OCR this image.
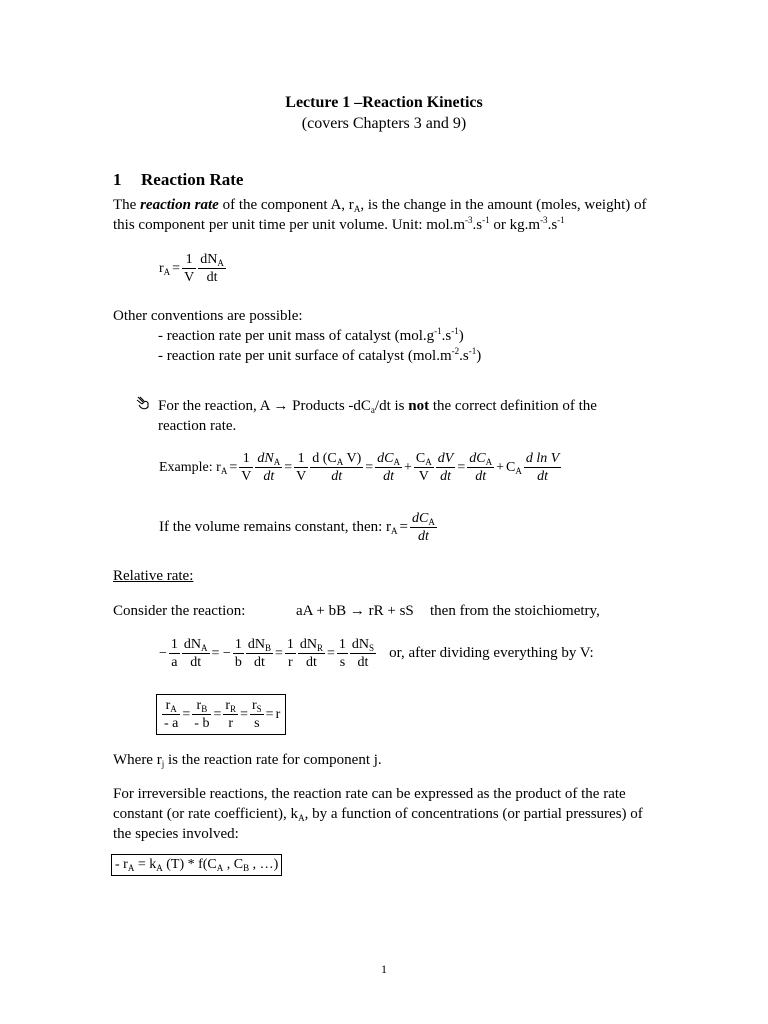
Lecture 1 –Reaction Kinetics
(covers Chapters 3 and 9)
1 Reaction Rate
The reaction rate of the component A, $r_A$, is the change in the amount (moles, weight) of
this component per unit time per unit volume. Unit: $mol.m^{-3}.s^{-1}$ or $kg.m^{-3}.s^{-1}$
$r_A = \frac{1}{V} \frac{dN_A}{dt}$
Other conventions are possible:
- reaction rate per unit mass of catalyst $(mol.g^{-1}.s^{-1})$
- reaction rate per unit surface of catalyst $(mol.m^{-2}.s^{-1})$
For the reaction, A → Products $-dC_a/dt$ is not the correct definition of the
reaction rate.
Example: $r_A = \frac{1}{V} \frac{dN_A}{dt} = \frac{1}{V} \frac{d (C_A V)}{dt} = \frac{dC_A}{dt} + \frac{C_A}{V} \frac{dV}{dt} = \frac{dC_A}{dt} + C_A \frac{\text{d ln V}}{dt}$
If the volume remains constant, then: $r_A = \frac{dC_A}{dt}$
Relative rate:
Consider the reaction:	aA + bB → rR + sS then from the stoichiometry,
− $\frac{1}{a} \frac{dN_A}{dt}$ = − $\frac{1}{b} \frac{dN_B}{dt} = \frac{1}{r} \frac{dN_R}{dt} = \frac{1}{s} \frac{dN_S}{dt}$ or, after dividing everything by V:
$\frac{r_A}{- a} = \frac{r_B}{- b} = \frac{r_R}{r} = \frac{r_S}{s} = r$
Where $r_j$ is the reaction rate for component j.
For irreversible reactions, the reaction rate can be expressed as the product of the rate
constant (or rate coefficient), $k_A$, by a function of concentrations (or partial pressures) of
the species involved:
- $r_A = k_A$ $(T) * f(C_A$ , $C_B$ , …)
1
